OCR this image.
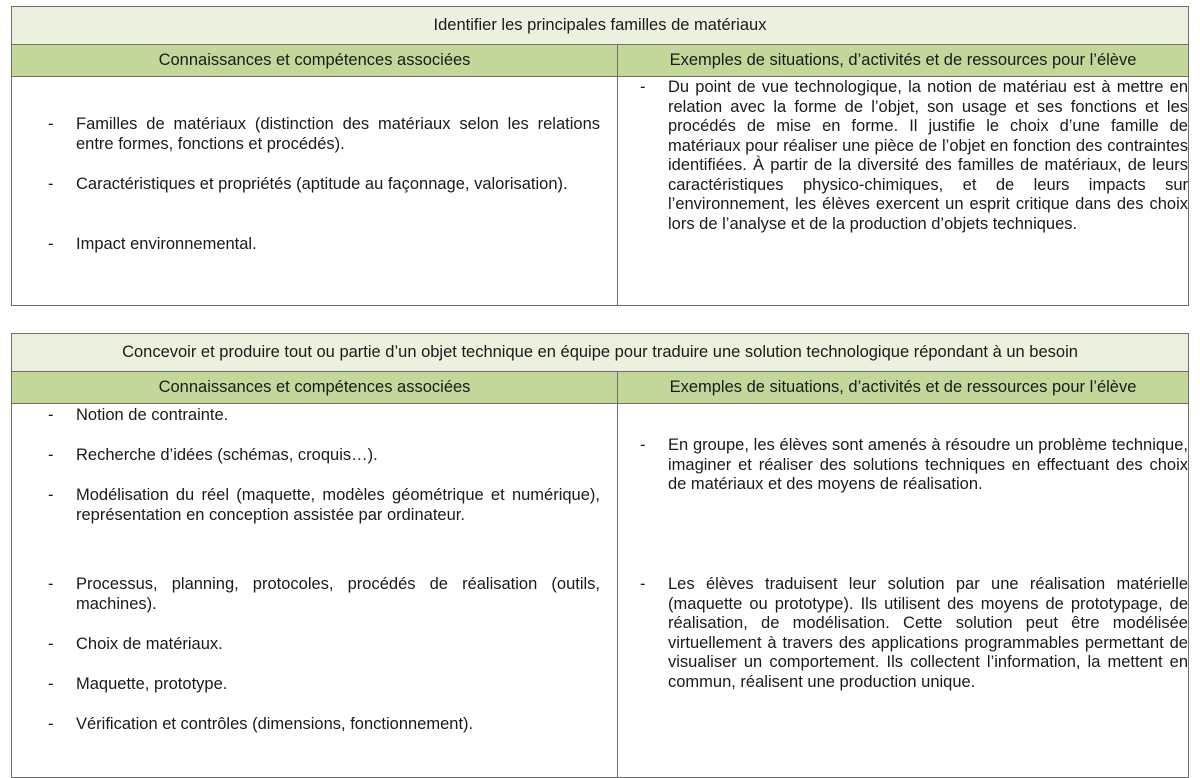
Identifier les principales familles de matériaux
Connaissances et compétences associées	Exemples de situations, d’activités et de ressources pour l’élève
- Familles de matériaux (distinction des matériaux selon les relations entre formes, fonctions et procédés).
- Caractéristiques et propriétés (aptitude au façonnage, valorisation).
- Impact environnemental.
- Du point de vue technologique, la notion de matériau est à mettre en relation avec la forme de l’objet, son usage et ses fonctions et les procédés de mise en forme. Il justifie le choix d’une famille de matériaux pour réaliser une pièce de l’objet en fonction des contraintes identifiées. À partir de la diversité des familles de matériaux, de leurs caractéristiques physico-chimiques, et de leurs impacts sur l’environnement, les élèves exercent un esprit critique dans des choix lors de l’analyse et de la production d’objets techniques.
Concevoir et produire tout ou partie d’un objet technique en équipe pour traduire une solution technologique répondant à un besoin
Connaissances et compétences associées	Exemples de situations, d’activités et de ressources pour l’élève
- Notion de contrainte.
- Recherche d’idées (schémas, croquis…).
- Modélisation du réel (maquette, modèles géométrique et numérique), représentation en conception assistée par ordinateur.
- Processus, planning, protocoles, procédés de réalisation (outils, machines).
- Choix de matériaux.
- Maquette, prototype.
- Vérification et contrôles (dimensions, fonctionnement).
- En groupe, les élèves sont amenés à résoudre un problème technique, imaginer et réaliser des solutions techniques en effectuant des choix de matériaux et des moyens de réalisation.
- Les élèves traduisent leur solution par une réalisation matérielle (maquette ou prototype). Ils utilisent des moyens de prototypage, de réalisation, de modélisation. Cette solution peut être modélisée virtuellement à travers des applications programmables permettant de visualiser un comportement. Ils collectent l’information, la mettent en commun, réalisent une production unique.
